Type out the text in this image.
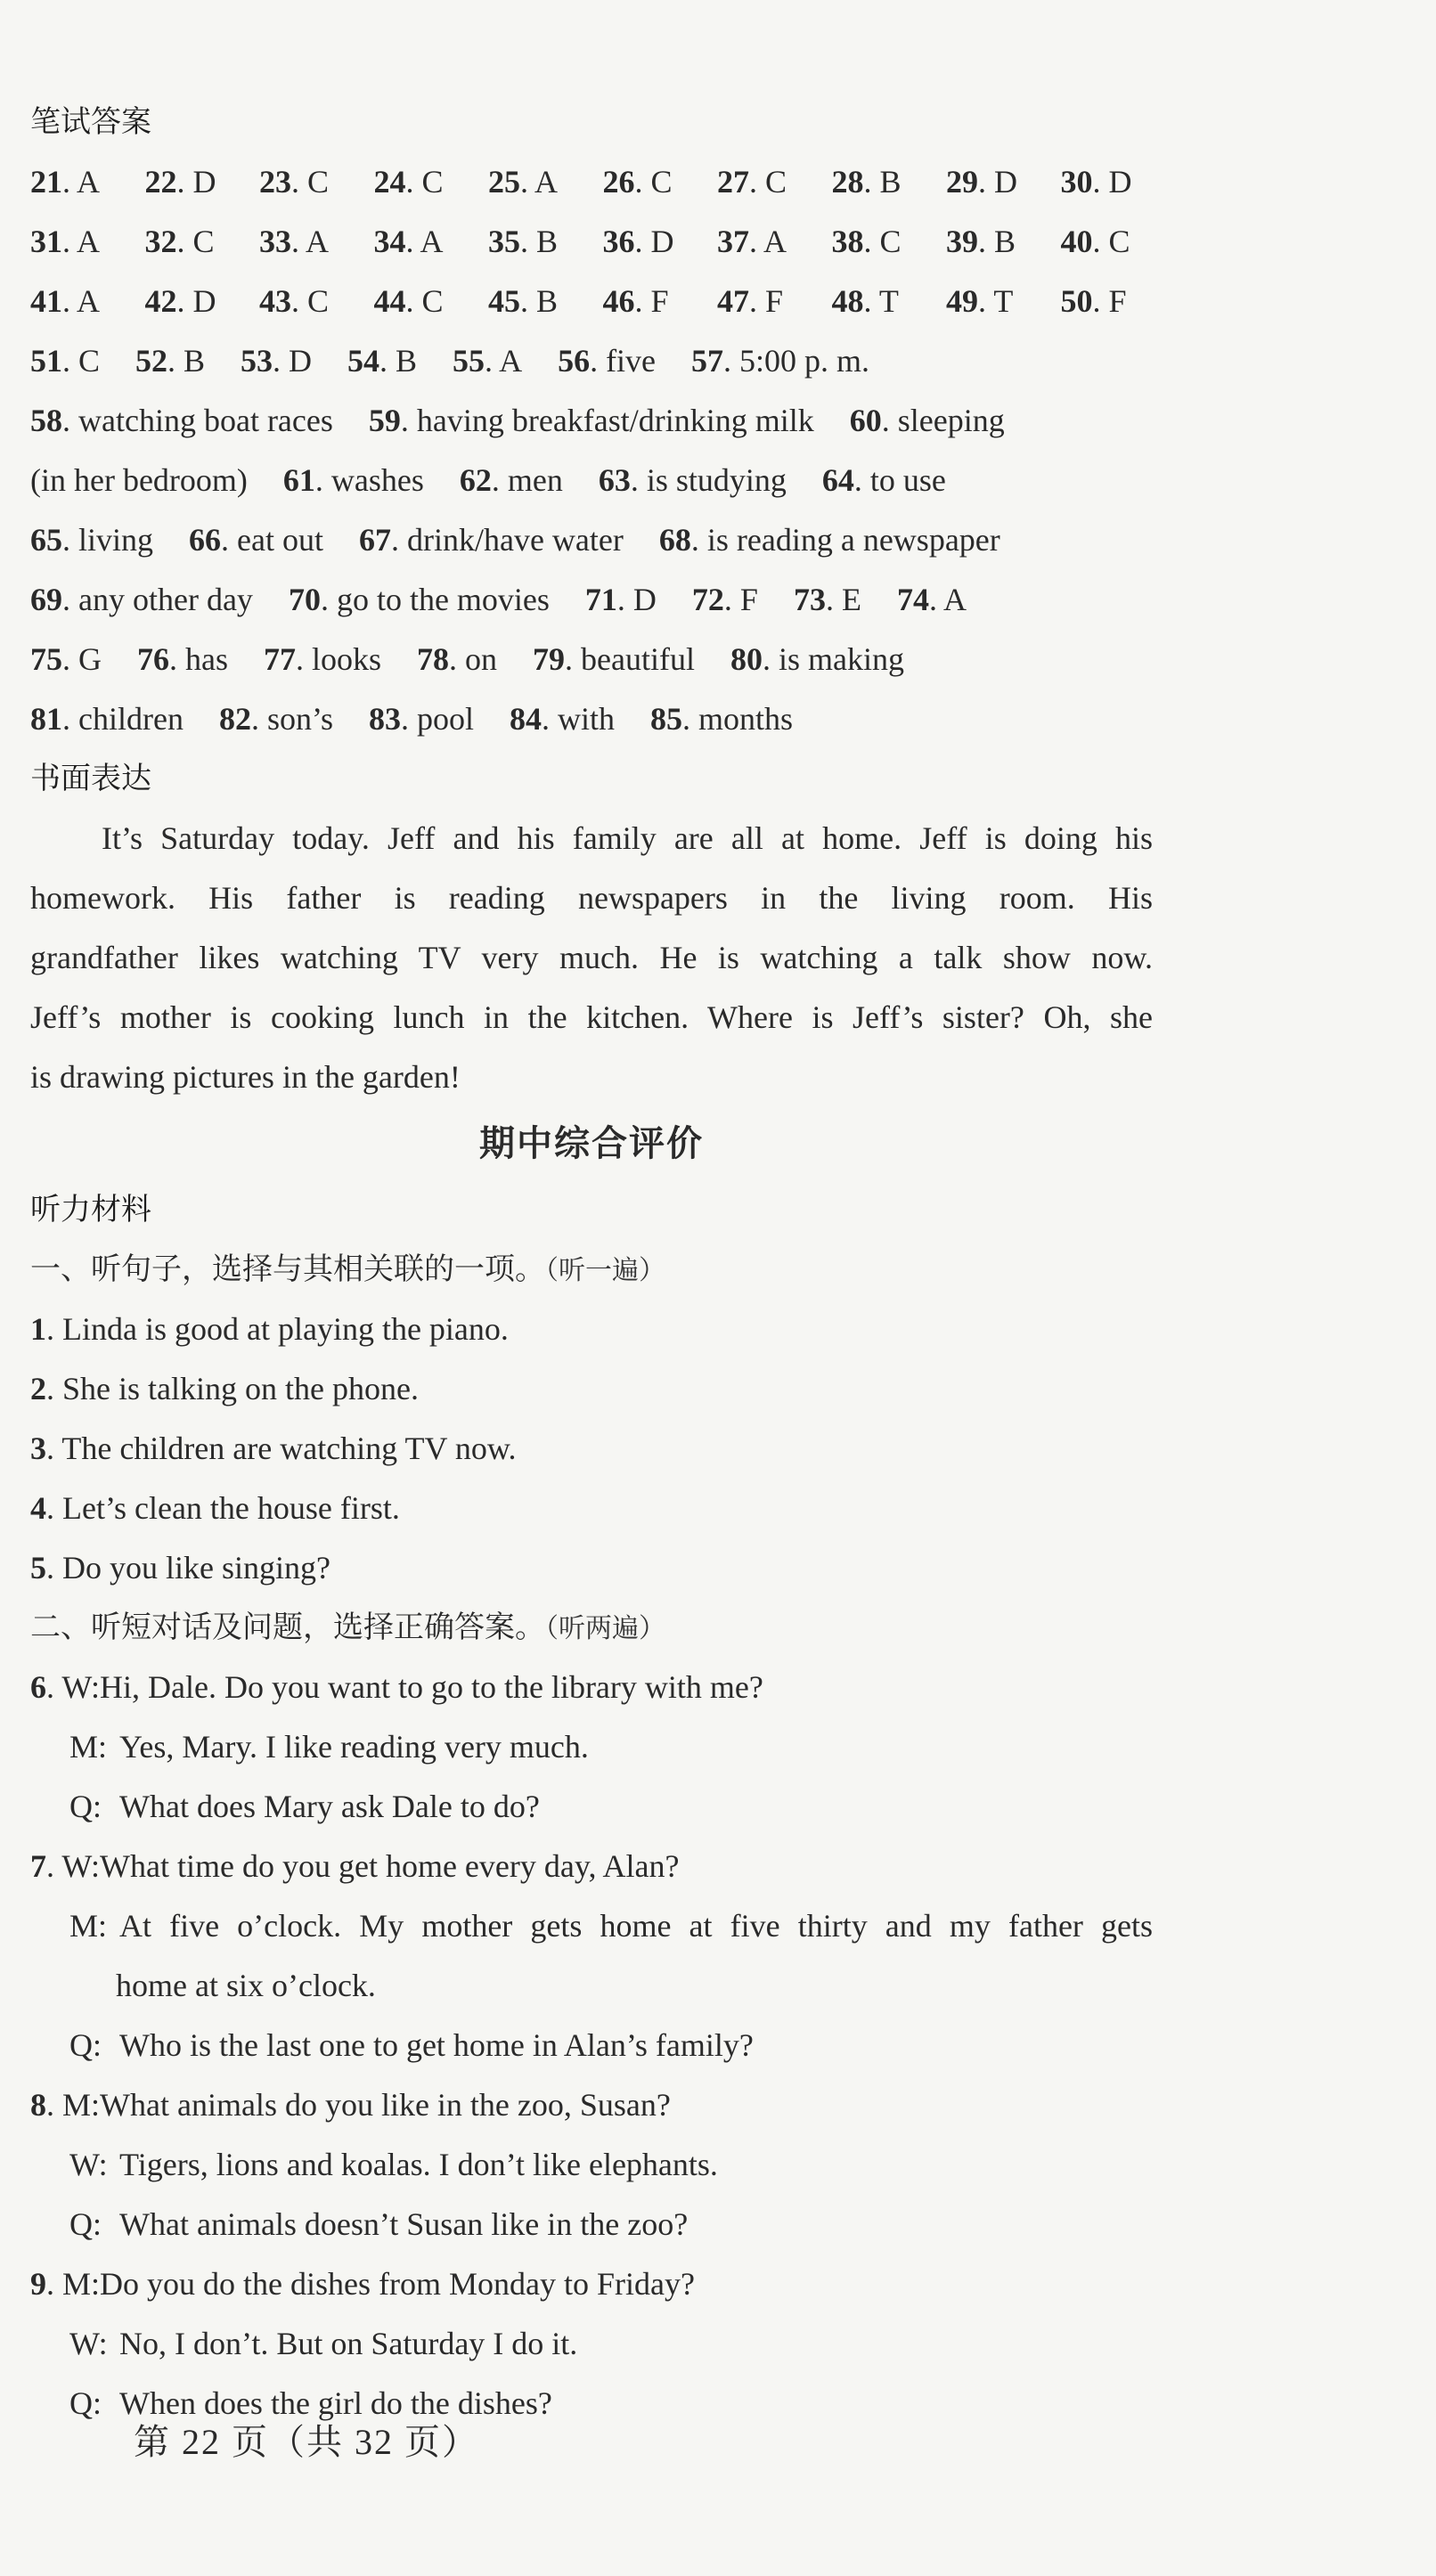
笔试答案
21. A 22. D 23. C 24. C 25. A 26. C 27. C 28. B 29. D 30. D
31. A 32. C 33. A 34. A 35. B 36. D 37. A 38. C 39. B 40. C
41. A 42. D 43. C 44. C 45. B 46. F 47. F 48. T 49. T 50. F
51. C 52. B 53. D 54. B 55. A 56. five 57. 5:00 p. m.
58. watching boat races 59. having breakfast/drinking milk 60. sleeping
(in her bedroom) 61. washes 62. men 63. is studying 64. to use
65. living 66. eat out 67. drink/have water 68. is reading a newspaper
69. any other day 70. go to the movies 71. D 72. F 73. E 74. A
75. G 76. has 77. looks 78. on 79. beautiful 80. is making
81. children 82. son’s 83. pool 84. with 85. months
书面表达
It’s Saturday today. Jeff and his family are all at home. Jeff is doing his
homework. His father is reading newspapers in the living room. His
grandfather likes watching TV very much. He is watching a talk show now.
Jeff’s mother is cooking lunch in the kitchen. Where is Jeff’s sister? Oh, she
is drawing pictures in the garden!
期中综合评价
听力材料
一、听句子，选择与其相关联的一项。（听一遍）
1. Linda is good at playing the piano.
2. She is talking on the phone.
3. The children are watching TV now.
4. Let’s clean the house first.
5. Do you like singing?
二、听短对话及问题，选择正确答案。（听两遍）
6. W:Hi, Dale. Do you want to go to the library with me?
M: Yes, Mary. I like reading very much.
Q: What does Mary ask Dale to do?
7. W:What time do you get home every day, Alan?
M: At five o’clock. My mother gets home at five thirty and my father gets
home at six o’clock.
Q: Who is the last one to get home in Alan’s family?
8. M:What animals do you like in the zoo, Susan?
W: Tigers, lions and koalas. I don’t like elephants.
Q: What animals doesn’t Susan like in the zoo?
9. M:Do you do the dishes from Monday to Friday?
W: No, I don’t. But on Saturday I do it.
Q: When does the girl do the dishes?
第 22 页（共 32 页）
